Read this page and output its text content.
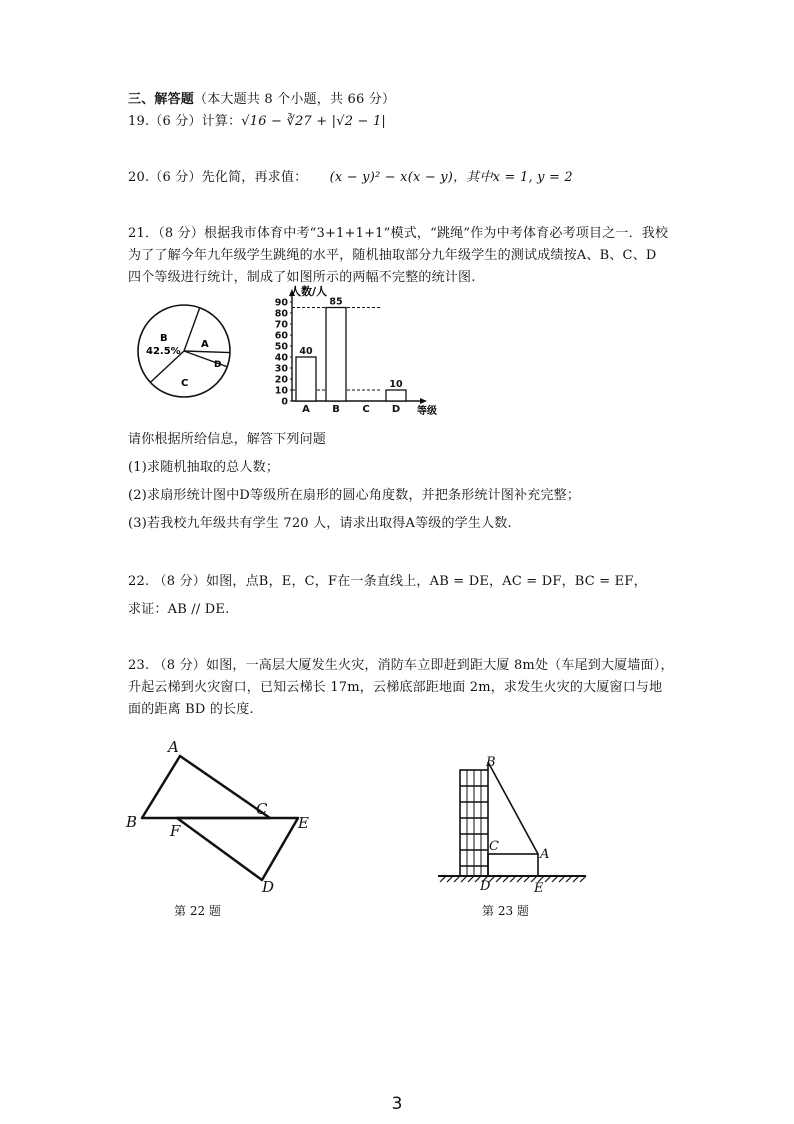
三、解答题（本大题共 8 个小题，共 66 分）
19.（6 分）计算：√16 − ∛27 + |√2 − 1|
20.（6 分）先化简，再求值： (x − y)² − x(x − y)，其中x = 1, y = 2
21．（8 分）根据我市体育中考“3+1+1+1”模式，“跳绳”作为中考体育必考项目之一．我校
为了了解今年九年级学生跳绳的水平，随机抽取部分九年级学生的测试成绩按A、B、C、D
四个等级进行统计，制成了如图所示的两幅不完整的统计图.
B
42.5%
A
D
C
0
10
20
30
40
50
60
70
80
90
40
A
85
B C
10
D
人数/人
等级
请你根据所给信息，解答下列问题
(1)求随机抽取的总人数；
(2)求扇形统计图中D等级所在扇形的圆心角度数，并把条形统计图补充完整；
(3)若我校九年级共有学生 720 人，请求出取得A等级的学生人数.
22. （8 分）如图，点B，E，C，F在一条直线上，AB = DE，AC = DF，BC = EF，
求证：AB // DE.
23. （8 分）如图，一高层大厦发生火灾，消防车立即赶到距大厦 8m处（车尾到大厦墙面），
升起云梯到火灾窗口，已知云梯长 17m，云梯底部距地面 2m，求发生火灾的大厦窗口与地
面的距离 BD 的长度.
A
B
C
D
E
F
第 22 题
B
C
A
D	E
第 23 题
3
